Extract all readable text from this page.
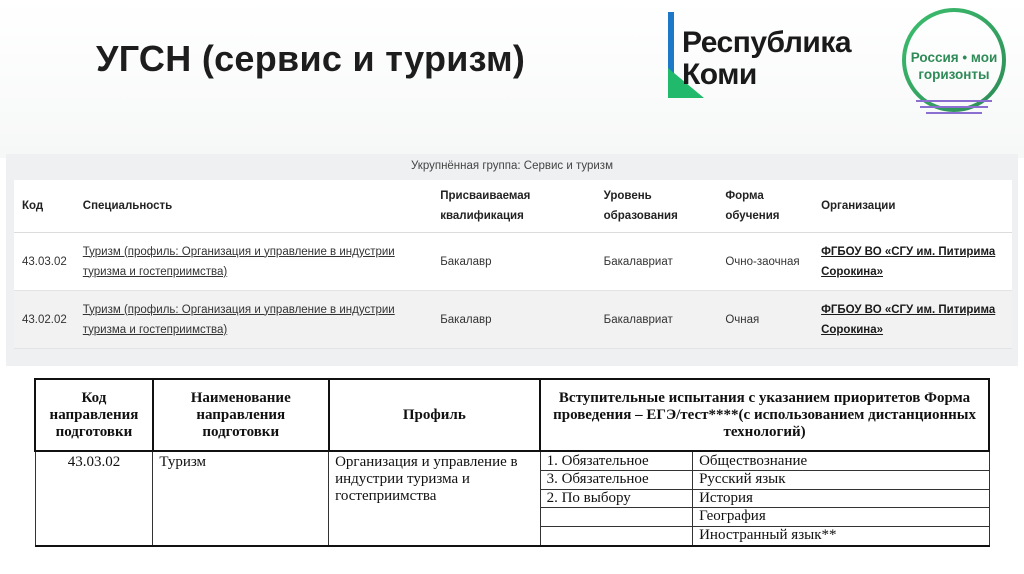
УГСН (сервис и туризм)	Республика
Коми
Россия • мои
горизонты
Укрупнённая группа: Сервис и туризм
Код	Специальность	Присваиваемая квалификация	Уровень образования	Форма обучения	Организации
43.03.02	Туризм (профиль: Организация и управление в индустрии туризма и гостеприимства)	Бакалавр	Бакалавриат	Очно-заочная	ФГБОУ ВО «СГУ им. Питирима Сорокина»
43.02.02	Туризм (профиль: Организация и управление в индустрии туризма и гостеприимства)	Бакалавр	Бакалавриат	Очная	ФГБОУ ВО «СГУ им. Питирима Сорокина»
Код направления подготовки	Наименование направления подготовки	Профиль	Вступительные испытания с указанием приоритетов Форма проведения – ЕГЭ/тест****(с использованием дистанционных технологий)
43.03.02	Туризм	Организация и управление в индустрии туризма и гостеприимства	
1. Обязательное	Обществознание
3. Обязательное	Русский язык
2. По выбору	История
	География
	Иностранный язык**
